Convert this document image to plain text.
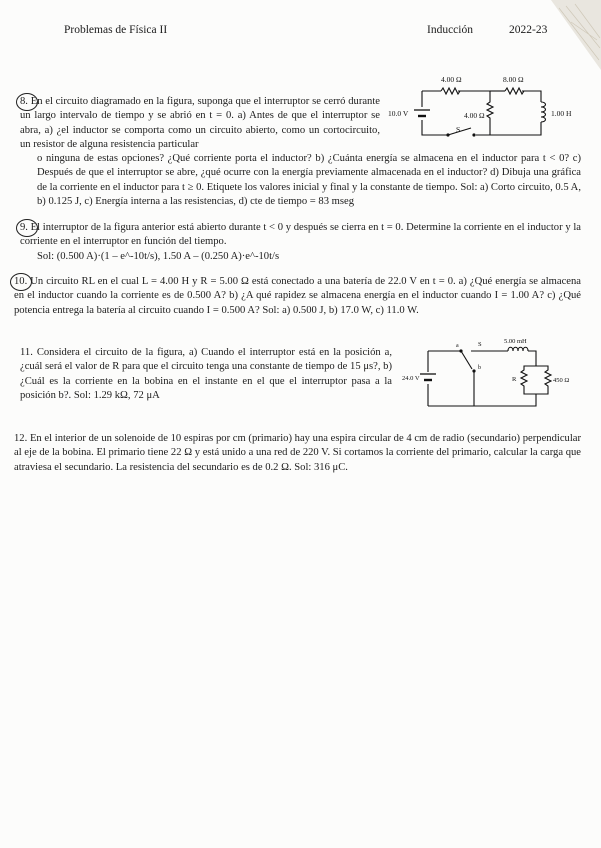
Problemas de Física II	Inducción	2022-23
4.00 Ω	8.00 Ω
4.00 Ω
10.0 V	1.00 H
S
8. En el circuito diagramado en la figura, suponga que el interruptor se cerró durante un largo intervalo de tiempo y se abrió en t = 0. a) Antes de que el interruptor se abra, a) ¿el inductor se comporta como un circuito abierto, como un cortocircuito, un resistor de alguna resistencia particular
o ninguna de estas opciones? ¿Qué corriente porta el inductor? b) ¿Cuánta energía se almacena en el inductor para t < 0? c) Después de que el interruptor se abre, ¿qué ocurre con la energía previamente almacenada en el inductor? d) Dibuja una gráfica de la corriente en el inductor para t ≥ 0. Etiquete los valores inicial y final y la constante de tiempo. Sol: a) Corto circuito, 0.5 A, b) 0.125 J, c) Energía interna a las resistencias, d) cte de tiempo = 83 mseg
9. El interruptor de la figura anterior está abierto durante t < 0 y después se cierra en t = 0. Determine la corriente en el inductor y la corriente en el interruptor en función del tiempo.
Sol: (0.500 A)·(1 – e^-10t/s), 1.50 A – (0.250 A)·e^-10t/s
10. Un circuito RL en el cual L = 4.00 H y R = 5.00 Ω está conectado a una batería de 22.0 V en t = 0. a) ¿Qué energía se almacena en el inductor cuando la corriente es de 0.500 A? b) ¿A qué rapidez se almacena energía en el inductor cuando I = 1.00 A? c) ¿Qué potencia entrega la batería al circuito cuando I = 0.500 A? Sol: a) 0.500 J, b) 17.0 W, c) 11.0 W.
11. Considera el circuito de la figura, a) Cuando el interruptor está en la posición a, ¿cuál será el valor de R para que el circuito tenga una constante de tiempo de 15 μs?, b) ¿Cuál es la corriente en la bobina en el instante en el que el interruptor pasa a la posición b?. Sol: 1.29 kΩ, 72 μA
a	S
b
5.00 mH
24.0 V	R	450 Ω
12. En el interior de un solenoide de 10 espiras por cm (primario) hay una espira circular de 4 cm de radio (secundario) perpendicular al eje de la bobina. El primario tiene 22 Ω y está unido a una red de 220 V. Si cortamos la corriente del primario, calcular la carga que atraviesa el secundario. La resistencia del secundario es de 0.2 Ω. Sol: 316 μC.
